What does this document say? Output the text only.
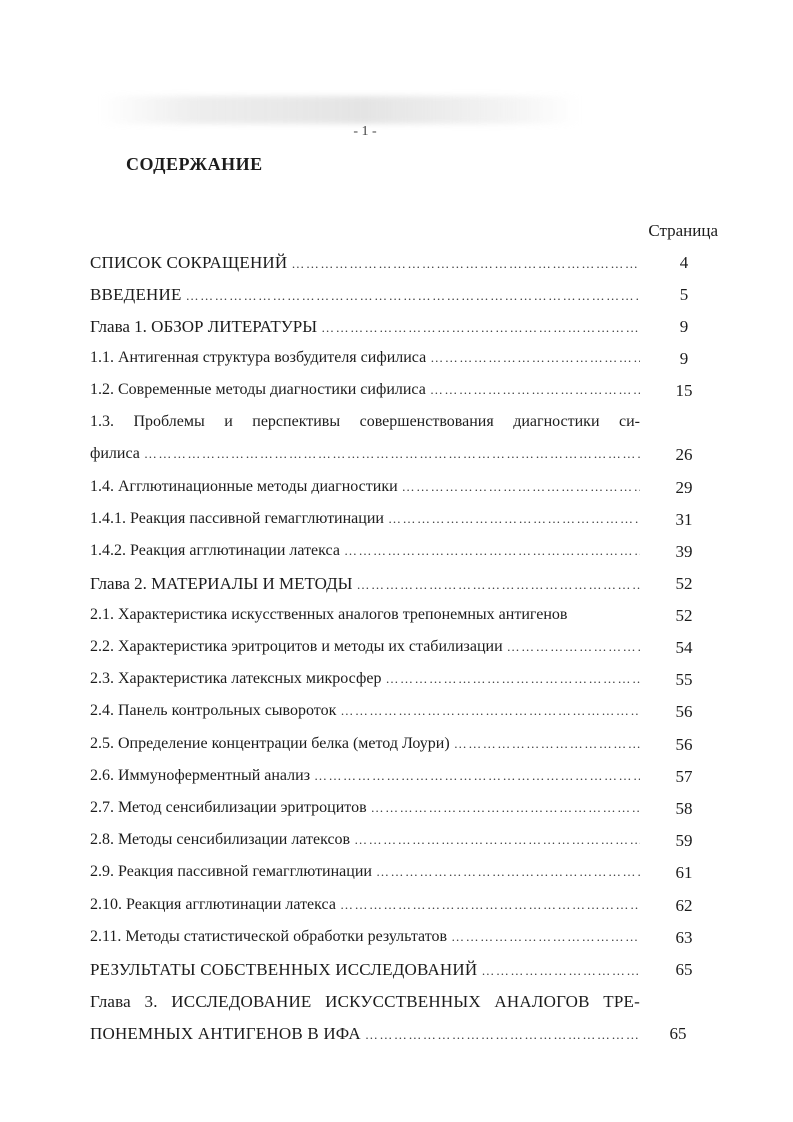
- 1 -
СОДЕРЖАНИЕ
Страница
СПИСОК СОКРАЩЕНИЙ ……………………………………………………………………………………………………………………………………………	4
ВВЕДЕНИЕ ……………………………………………………………………………………………………………………………………………	5
Глава 1. ОБЗОР ЛИТЕРАТУРЫ ……………………………………………………………………………………………………………………………………………	9
1.1. Антигенная структура возбудителя сифилиса ……………………………………………………………………………………………………………………………………………	9
1.2. Современные методы диагностики сифилиса ……………………………………………………………………………………………………………………………………………	15
1.3. Проблемы и перспективы совершенствования диагностики си-
филиса ……………………………………………………………………………………………………………………………………………	26
1.4. Агглютинационные методы диагностики ……………………………………………………………………………………………………………………………………………	29
1.4.1. Реакция пассивной гемагглютинации ……………………………………………………………………………………………………………………………………………	31
1.4.2. Реакция агглютинации латекса ……………………………………………………………………………………………………………………………………………	39
Глава 2. МАТЕРИАЛЫ И МЕТОДЫ ……………………………………………………………………………………………………………………………………………	52
2.1. Характеристика искусственных аналогов трепонемных антигенов	52
2.2. Характеристика эритроцитов и методы их стабилизации ……………………………………………………………………………………………………………………………………………	54
2.3. Характеристика латексных микросфер ……………………………………………………………………………………………………………………………………………	55
2.4. Панель контрольных сывороток ……………………………………………………………………………………………………………………………………………	56
2.5. Определение концентрации белка (метод Лоури) ……………………………………………………………………………………………………………………………………………	56
2.6. Иммуноферментный анализ ……………………………………………………………………………………………………………………………………………	57
2.7. Метод сенсибилизации эритроцитов ……………………………………………………………………………………………………………………………………………	58
2.8. Методы сенсибилизации латексов ……………………………………………………………………………………………………………………………………………	59
2.9. Реакция пассивной гемагглютинации ……………………………………………………………………………………………………………………………………………	61
2.10. Реакция агглютинации латекса ……………………………………………………………………………………………………………………………………………	62
2.11. Методы статистической обработки результатов ……………………………………………………………………………………………………………………………………………	63
РЕЗУЛЬТАТЫ СОБСТВЕННЫХ ИССЛЕДОВАНИЙ ……………………………………………………………………………………………………………………………………………	65
Глава 3. ИССЛЕДОВАНИЕ ИСКУССТВЕННЫХ АНАЛОГОВ ТРЕ-
ПОНЕМНЫХ АНТИГЕНОВ В ИФА ……………………………………………………………………………………………………………………………………………	65
